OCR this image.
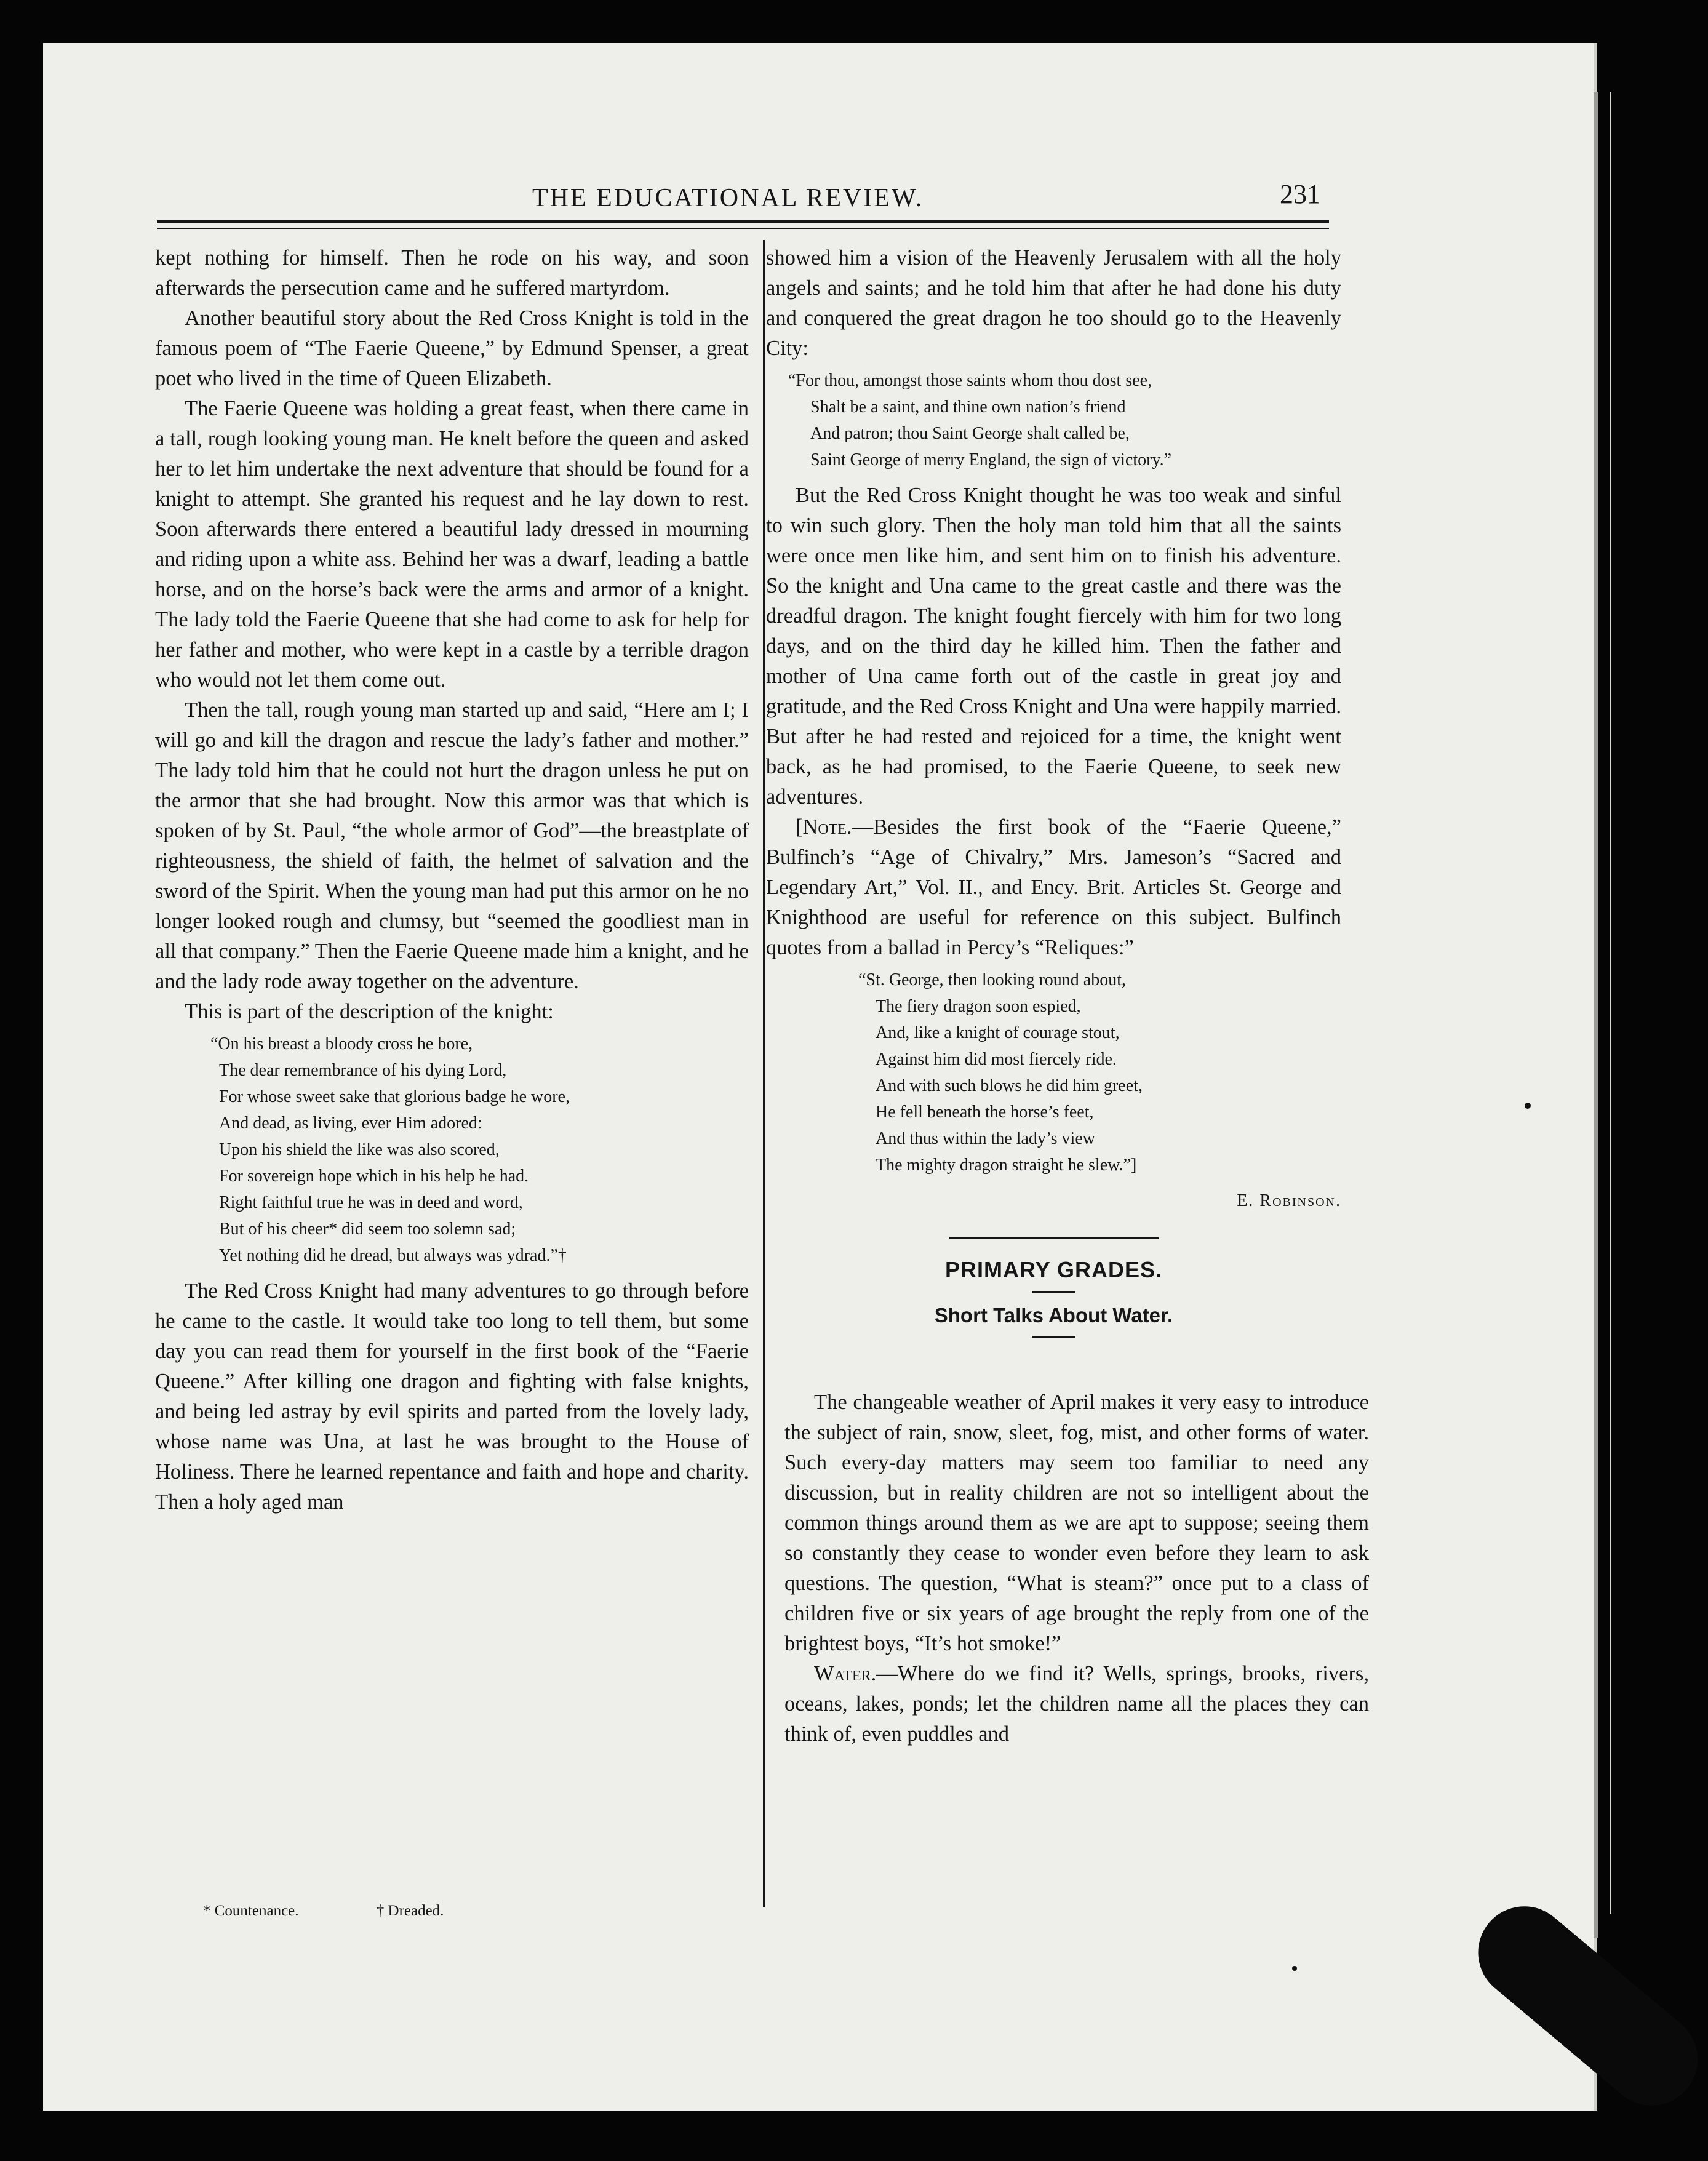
THE EDUCATIONAL REVIEW.	231

kept nothing for himself. Then he rode on his way, and soon afterwards the persecution came and he suffered martyrdom.

Another beautiful story about the Red Cross Knight is told in the famous poem of “The Faerie Queene,” by Edmund Spenser, a great poet who lived in the time of Queen Elizabeth.

The Faerie Queene was holding a great feast, when there came in a tall, rough looking young man. He knelt before the queen and asked her to let him undertake the next adventure that should be found for a knight to attempt. She granted his request and he lay down to rest. Soon afterwards there entered a beautiful lady dressed in mourning and riding upon a white ass. Behind her was a dwarf, leading a battle horse, and on the horse’s back were the arms and armor of a knight. The lady told the Faerie Queene that she had come to ask for help for her father and mother, who were kept in a castle by a terrible dragon who would not let them come out.

Then the tall, rough young man started up and said, “Here am I; I will go and kill the dragon and rescue the lady’s father and mother.” The lady told him that he could not hurt the dragon unless he put on the armor that she had brought. Now this armor was that which is spoken of by St. Paul, “the whole armor of God”—the breastplate of righteousness, the shield of faith, the helmet of salvation and the sword of the Spirit. When the young man had put this armor on he no longer looked rough and clumsy, but “seemed the goodliest man in all that company.” Then the Faerie Queene made him a knight, and he and the lady rode away together on the adventure.

This is part of the description of the knight:

“On his breast a bloody cross he bore,
The dear remembrance of his dying Lord,
For whose sweet sake that glorious badge he wore,
And dead, as living, ever Him adored:
Upon his shield the like was also scored,
For sovereign hope which in his help he had.
Right faithful true he was in deed and word,
But of his cheer* did seem too solemn sad;
Yet nothing did he dread, but always was ydrad.”†

The Red Cross Knight had many adventures to go through before he came to the castle. It would take too long to tell them, but some day you can read them for yourself in the first book of the “Faerie Queene.” After killing one dragon and fighting with false knights, and being led astray by evil spirits and parted from the lovely lady, whose name was Una, at last he was brought to the House of Holiness. There he learned repentance and faith and hope and charity. Then a holy aged man

showed him a vision of the Heavenly Jerusalem with all the holy angels and saints; and he told him that after he had done his duty and conquered the great dragon he too should go to the Heavenly City:

“For thou, amongst those saints whom thou dost see,
Shalt be a saint, and thine own nation’s friend
And patron; thou Saint George shalt called be,
Saint George of merry England, the sign of victory.”

But the Red Cross Knight thought he was too weak and sinful to win such glory. Then the holy man told him that all the saints were once men like him, and sent him on to finish his adventure. So the knight and Una came to the great castle and there was the dreadful dragon. The knight fought fiercely with him for two long days, and on the third day he killed him. Then the father and mother of Una came forth out of the castle in great joy and gratitude, and the Red Cross Knight and Una were happily married. But after he had rested and rejoiced for a time, the knight went back, as he had promised, to the Faerie Queene, to seek new adventures.

[Note.—Besides the first book of the “Faerie Queene,” Bulfinch’s “Age of Chivalry,” Mrs. Jameson’s “Sacred and Legendary Art,” Vol. II., and Ency. Brit. Articles St. George and Knighthood are useful for reference on this subject. Bulfinch quotes from a ballad in Percy’s “Reliques:”

“St. George, then looking round about,
The fiery dragon soon espied,
And, like a knight of courage stout,
Against him did most fiercely ride.
And with such blows he did him greet,
He fell beneath the horse’s feet,
And thus within the lady’s view
The mighty dragon straight he slew.”]
E. Robinson.
PRIMARY GRADES.
Short Talks About Water.

The changeable weather of April makes it very easy to introduce the subject of rain, snow, sleet, fog, mist, and other forms of water. Such every-day matters may seem too familiar to need any discussion, but in reality children are not so intelligent about the common things around them as we are apt to suppose; seeing them so constantly they cease to wonder even before they learn to ask questions. The question, “What is steam?” once put to a class of children five or six years of age brought the reply from one of the brightest boys, “It’s hot smoke!”

Water.—Where do we find it? Wells, springs, brooks, rivers, oceans, lakes, ponds; let the children name all the places they can think of, even puddles and

* Countenance.	† Dreaded.
